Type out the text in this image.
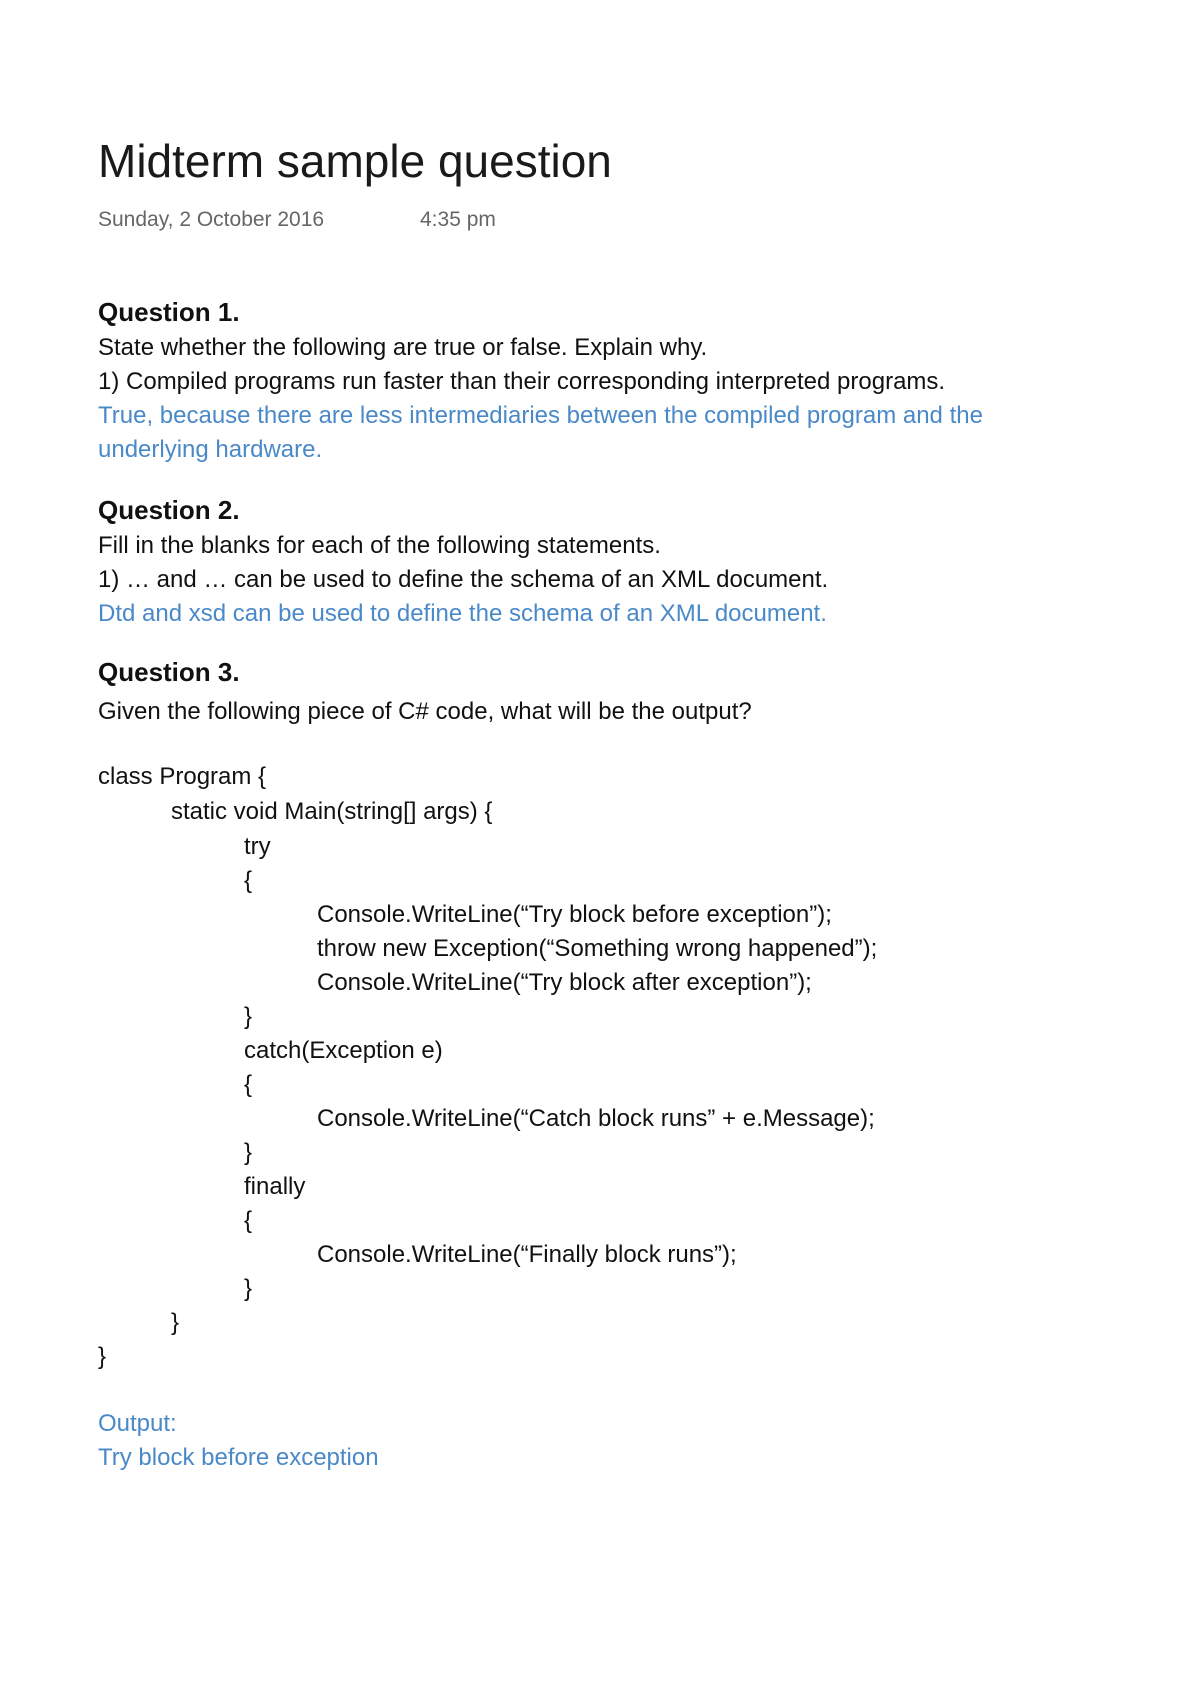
Midterm sample question
Sunday, 2 October 2016	4:35 pm
Question 1.
State whether the following are true or false. Explain why.
1) Compiled programs run faster than their corresponding interpreted programs.
True, because there are less intermediaries between the compiled program and the
underlying hardware.
Question 2.
Fill in the blanks for each of the following statements.
1) … and … can be used to define the schema of an XML document.
Dtd and xsd can be used to define the schema of an XML document.
Question 3.
Given the following piece of C# code, what will be the output?
class Program {
static void Main(string[] args) {
try
{
Console.WriteLine(“Try block before exception”);
throw new Exception(“Something wrong happened”);
Console.WriteLine(“Try block after exception”);
}
catch(Exception e)
{
Console.WriteLine(“Catch block runs” + e.Message);
}
finally
{
Console.WriteLine(“Finally block runs”);
}
}
}
Output:
Try block before exception
